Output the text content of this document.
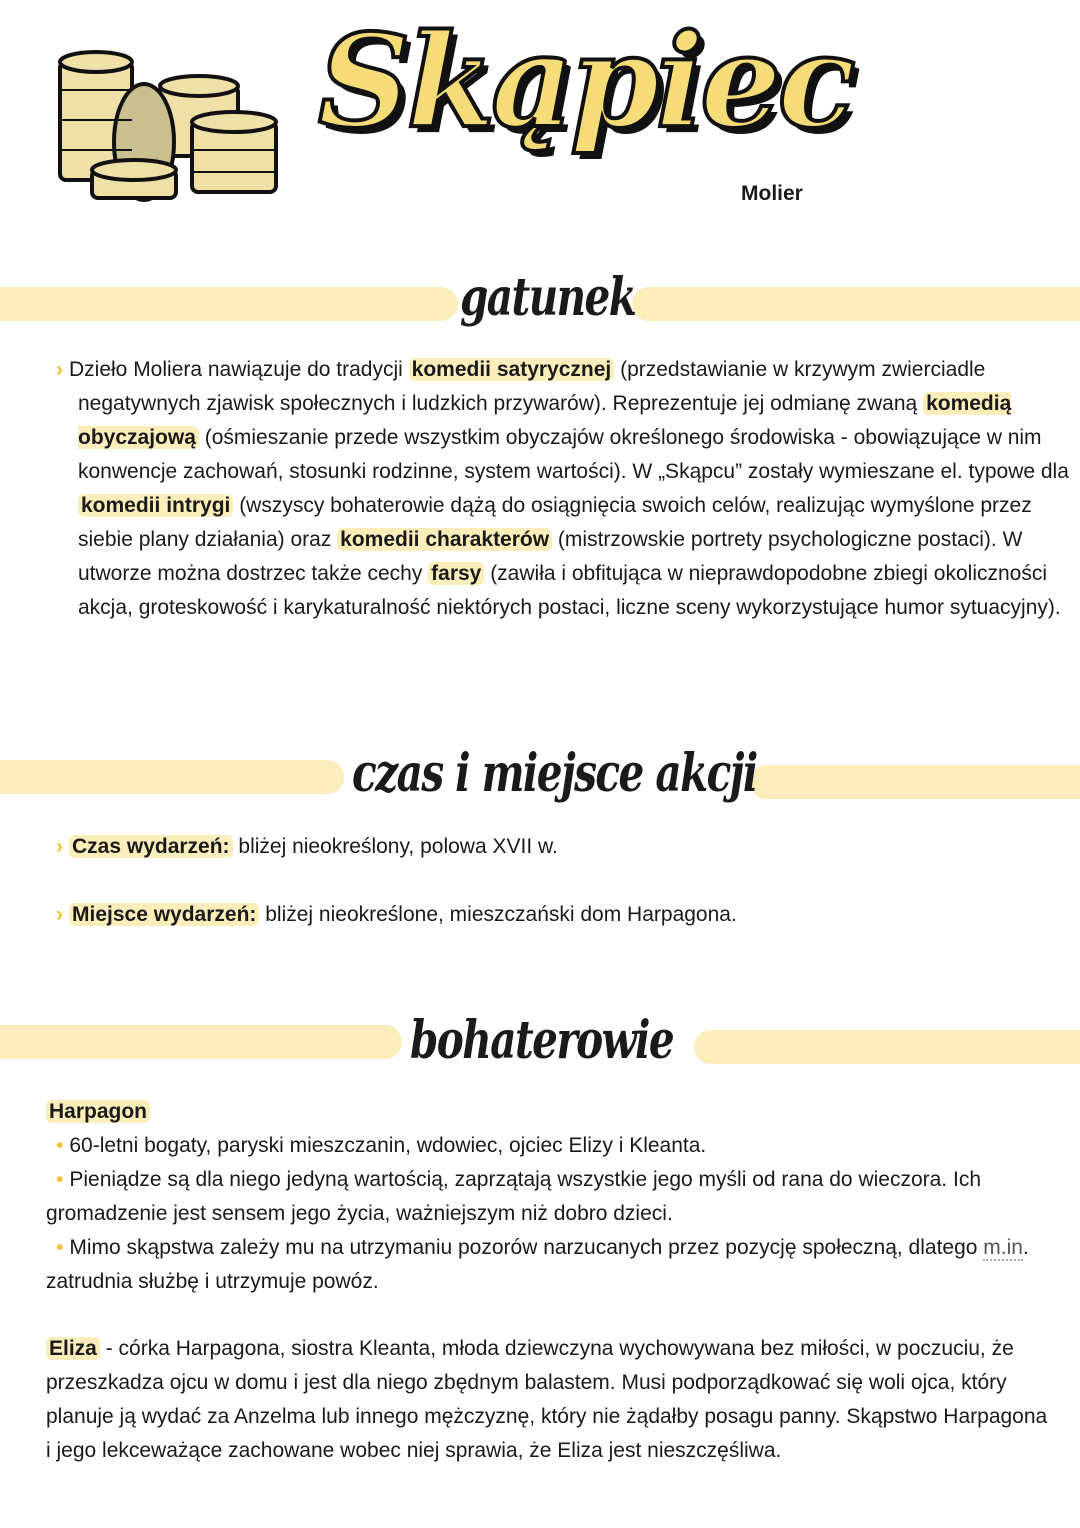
Skąpiec
Molier
gatunek
› Dzieło Moliera nawiązuje do tradycji komedii satyrycznej (przedstawianie w krzywym zwierciadle negatywnych zjawisk społecznych i ludzkich przywarów). Reprezentuje jej odmianę zwaną komedią obyczajową (ośmieszanie przede wszystkim obyczajów określonego środowiska - obowiązujące w nim konwencje zachowań, stosunki rodzinne, system wartości). W „Skąpcu” zostały wymieszane el. typowe dla komedii intrygi (wszyscy bohaterowie dążą do osiągnięcia swoich celów, realizując wymyślone przez siebie plany działania) oraz komedii charakterów (mistrzowskie portrety psychologiczne postaci). W utworze można dostrzec także cechy farsy (zawiła i obfitująca w nieprawdopodobne zbiegi okoliczności akcja, groteskowość i karykaturalność niektórych postaci, liczne sceny wykorzystujące humor sytuacyjny).
czas i miejsce akcji
› Czas wydarzeń: bliżej nieokreślony, polowa XVII w.
› Miejsce wydarzeń: bliżej nieokreślone, mieszczański dom Harpagona.
bohaterowie
Harpagon
• 60-letni bogaty, paryski mieszczanin, wdowiec, ojciec Elizy i Kleanta.
• Pieniądze są dla niego jedyną wartością, zaprzątają wszystkie jego myśli od rana do wieczora. Ich gromadzenie jest sensem jego życia, ważniejszym niż dobro dzieci.
• Mimo skąpstwa zależy mu na utrzymaniu pozorów narzucanych przez pozycję społeczną, dlatego m.in. zatrudnia służbę i utrzymuje powóz.
Eliza - córka Harpagona, siostra Kleanta, młoda dziewczyna wychowywana bez miłości, w poczuciu, że przeszkadza ojcu w domu i jest dla niego zbędnym balastem. Musi podporządkować się woli ojca, który planuje ją wydać za Anzelma lub innego mężczyznę, który nie żądałby posagu panny. Skąpstwo Harpagona i jego lekceważące zachowane wobec niej sprawia, że Eliza jest nieszczęśliwa.
